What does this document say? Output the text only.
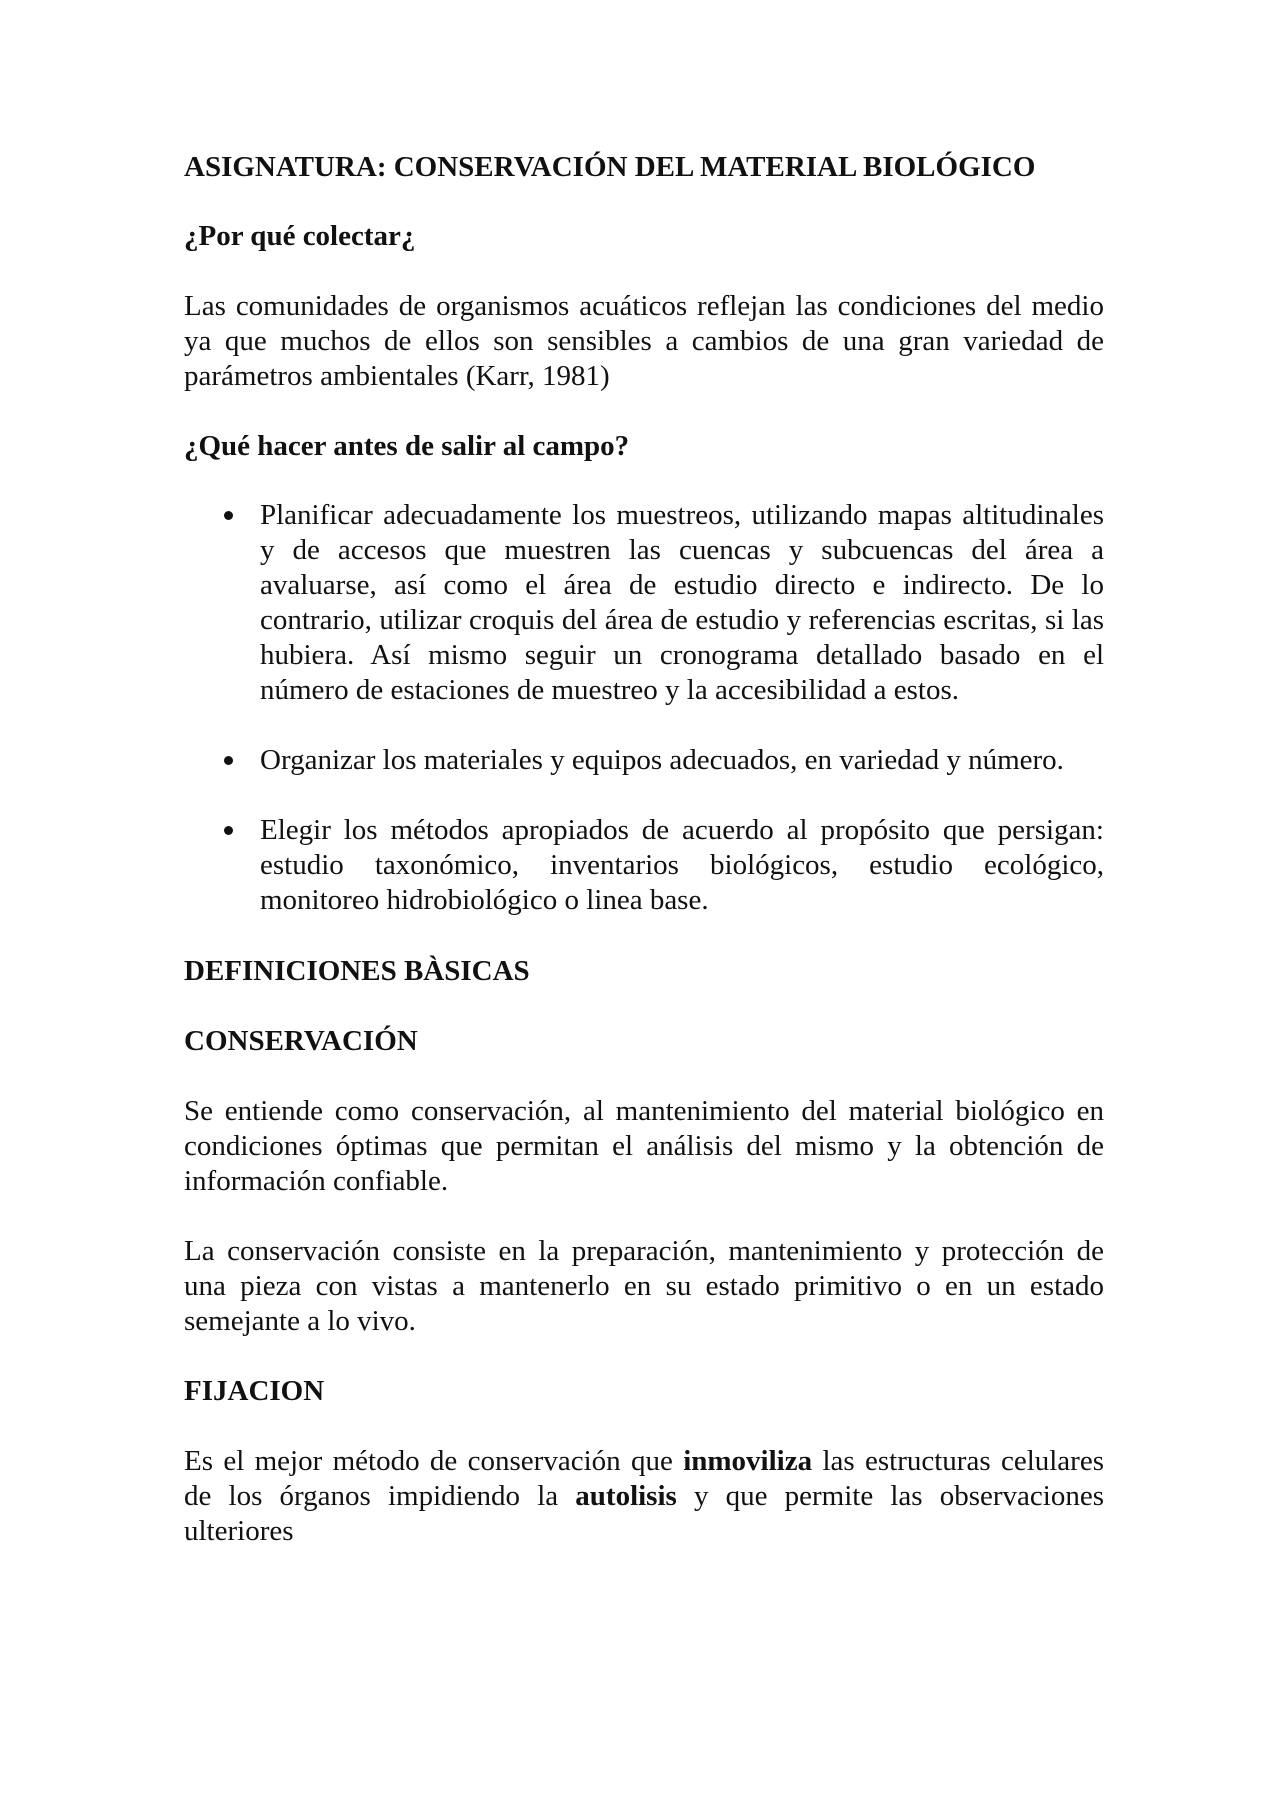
ASIGNATURA: CONSERVACIÓN DEL MATERIAL BIOLÓGICO
¿Por qué colectar¿

Las comunidades de organismos acuáticos reflejan las condiciones del medio ya que muchos de ellos son sensibles a cambios de una gran variedad de parámetros ambientales (Karr, 1981)

¿Qué hacer antes de salir al campo?
Planificar adecuadamente los muestreos, utilizando mapas altitudinales y de accesos que muestren las cuencas y subcuencas del área a avaluarse, así como el área de estudio directo e indirecto. De lo contrario, utilizar croquis del área de estudio y referencias escritas, si las hubiera. Así mismo seguir un cronograma detallado basado en el número de estaciones de muestreo y la accesibilidad a estos.
Organizar los materiales y equipos adecuados, en variedad y número.
Elegir los métodos apropiados de acuerdo al propósito que persigan: estudio taxonómico, inventarios biológicos, estudio ecológico, monitoreo hidrobiológico o linea base.
DEFINICIONES BÀSICAS
CONSERVACIÓN

Se entiende como conservación, al mantenimiento del material biológico en condiciones óptimas que permitan el análisis del mismo y la obtención de información confiable.

La conservación consiste en la preparación, mantenimiento y protección de una pieza con vistas a mantenerlo en su estado primitivo o en un estado semejante a lo vivo.

FIJACION

Es el mejor método de conservación que inmoviliza las estructuras celulares de los órganos impidiendo la autolisis y que permite las observaciones ulteriores
